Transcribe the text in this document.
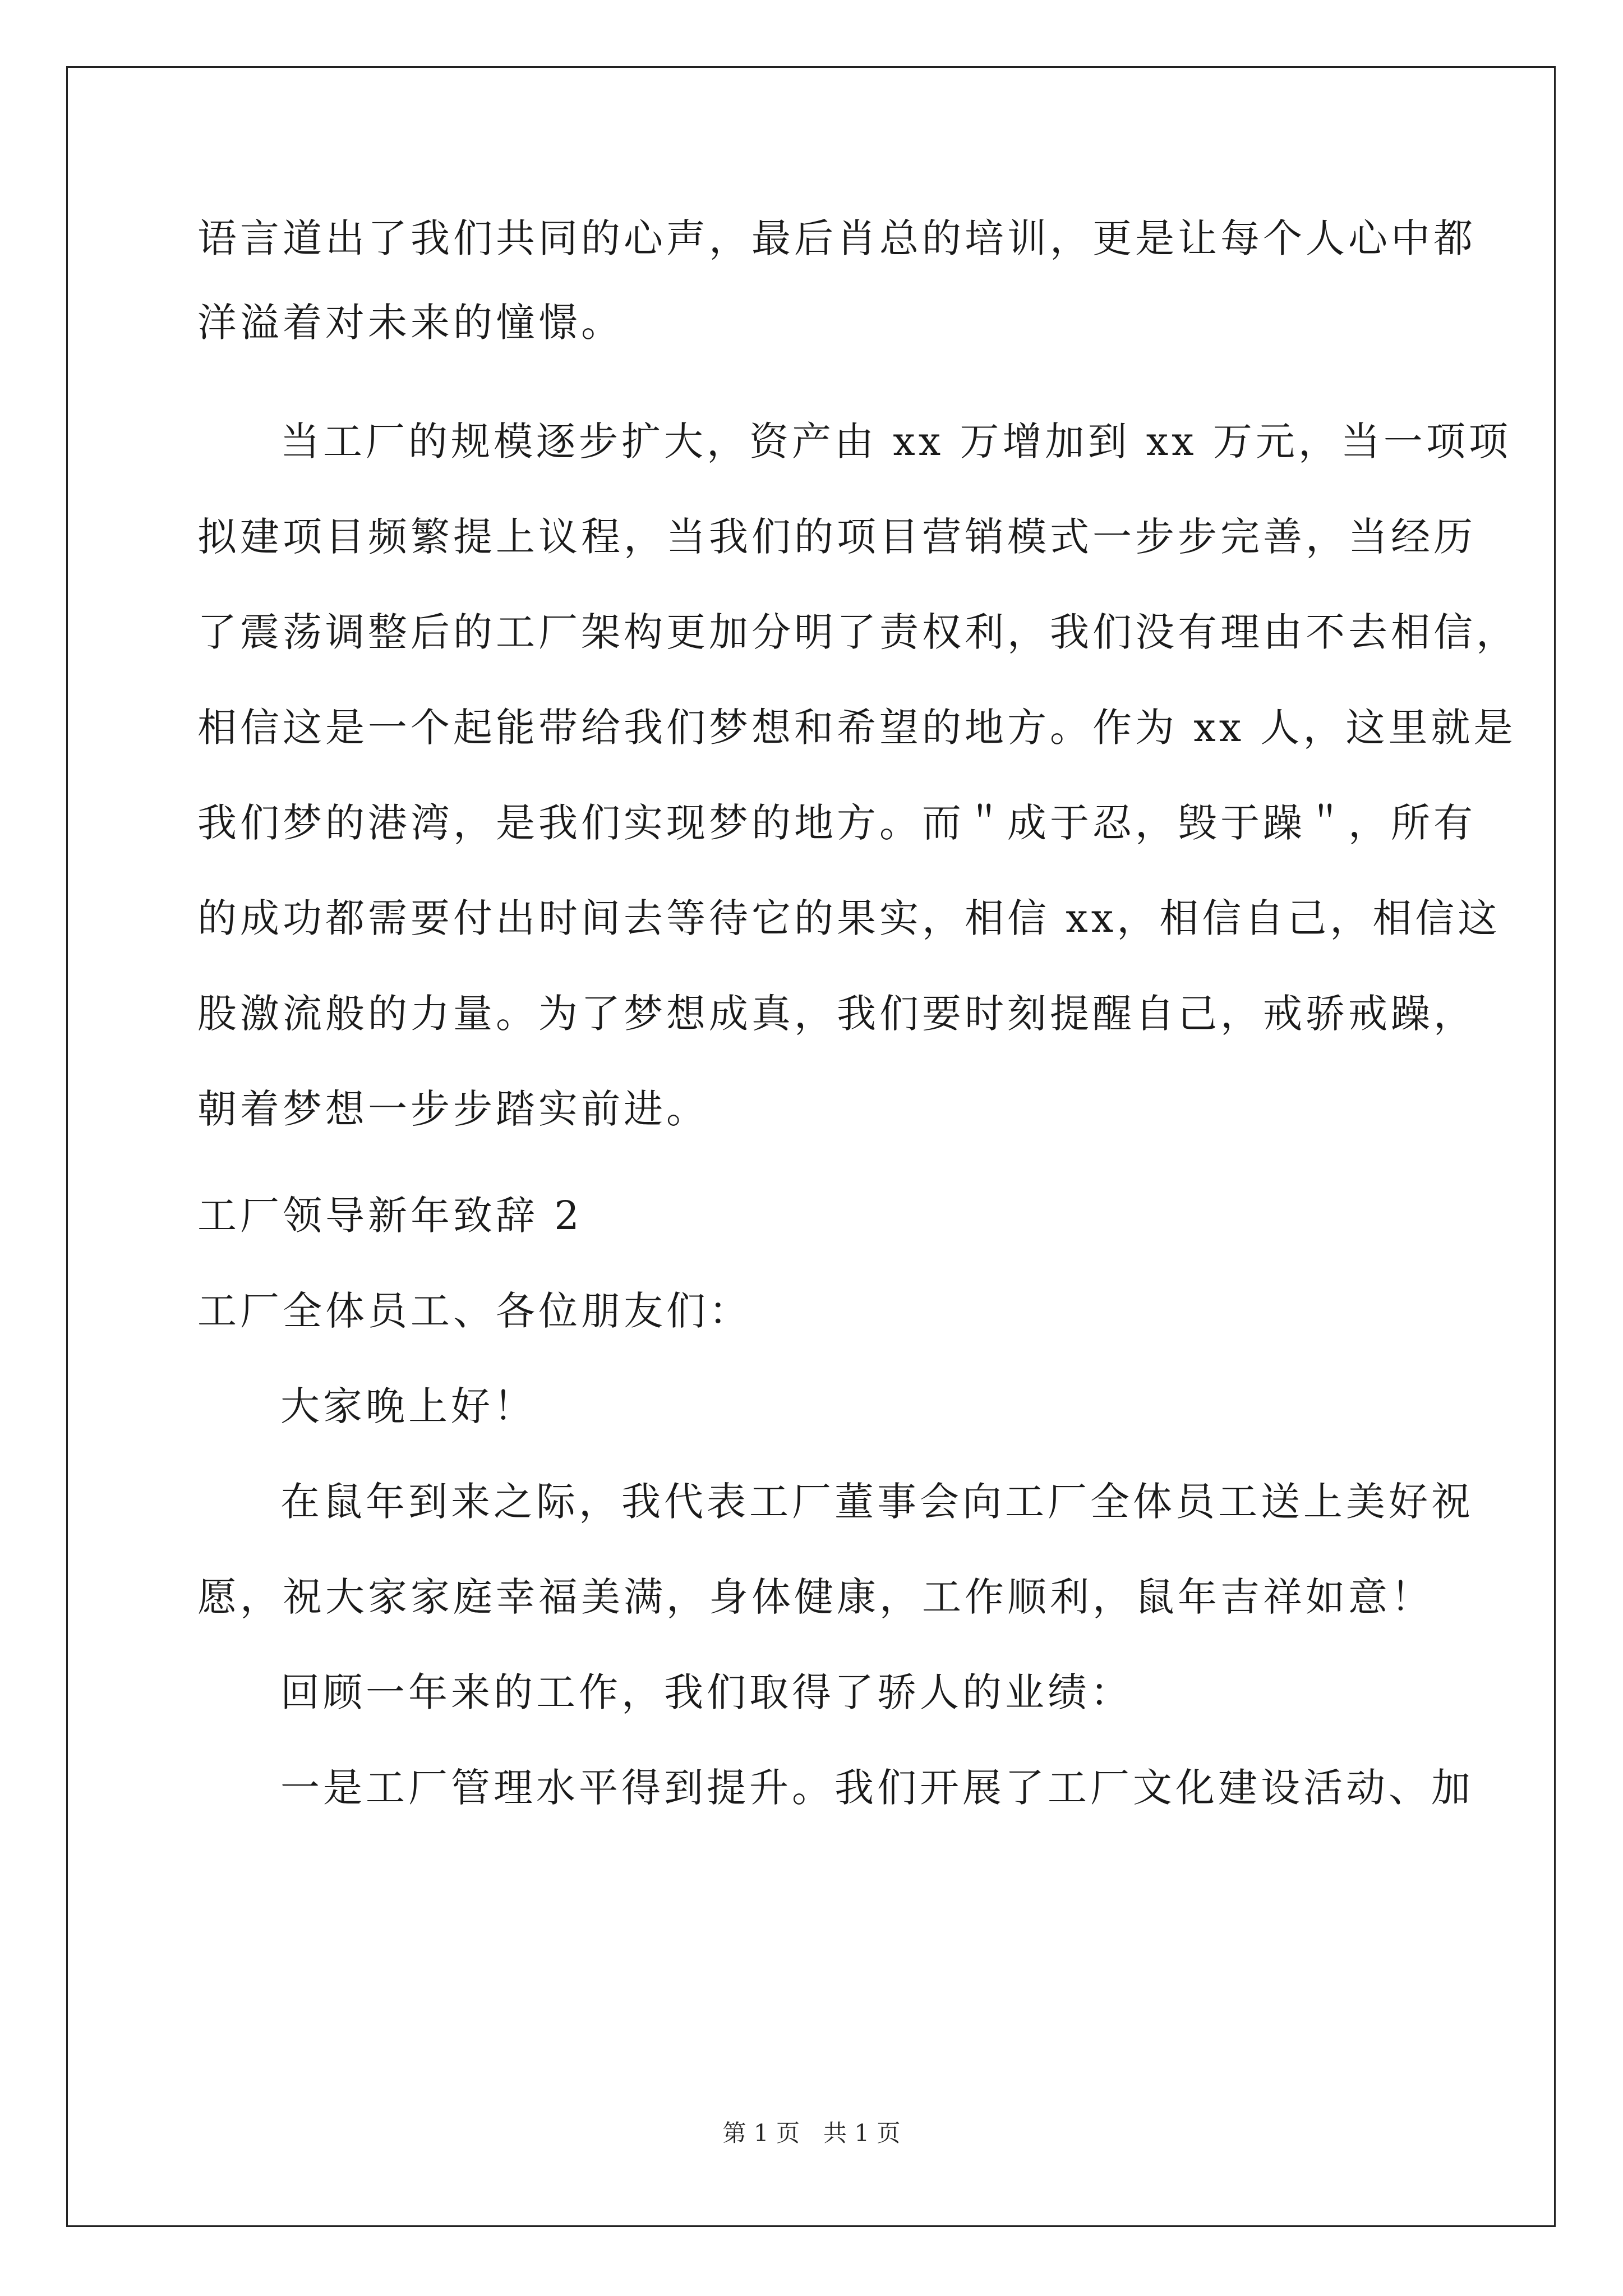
语言道出了我们共同的心声，最后肖总的培训，更是让每个人心中都
洋溢着对未来的憧憬。
当工厂的规模逐步扩大，资产由 xx 万增加到 xx 万元，当一项项
拟建项目频繁提上议程，当我们的项目营销模式一步步完善，当经历
了震荡调整后的工厂架构更加分明了责权利，我们没有理由不去相信，
相信这是一个起能带给我们梦想和希望的地方。作为 xx 人，这里就是
我们梦的港湾，是我们实现梦的地方。而＂成于忍，毁于躁＂，所有
的成功都需要付出时间去等待它的果实，相信 xx，相信自己，相信这
股激流般的力量。为了梦想成真，我们要时刻提醒自己，戒骄戒躁，
朝着梦想一步步踏实前进。
工厂领导新年致辞 2
工厂全体员工、各位朋友们：
大家晚上好！
在鼠年到来之际，我代表工厂董事会向工厂全体员工送上美好祝
愿，祝大家家庭幸福美满，身体健康，工作顺利，鼠年吉祥如意！
回顾一年来的工作，我们取得了骄人的业绩：
一是工厂管理水平得到提升。我们开展了工厂文化建设活动、加
第 1 页　共 1 页
